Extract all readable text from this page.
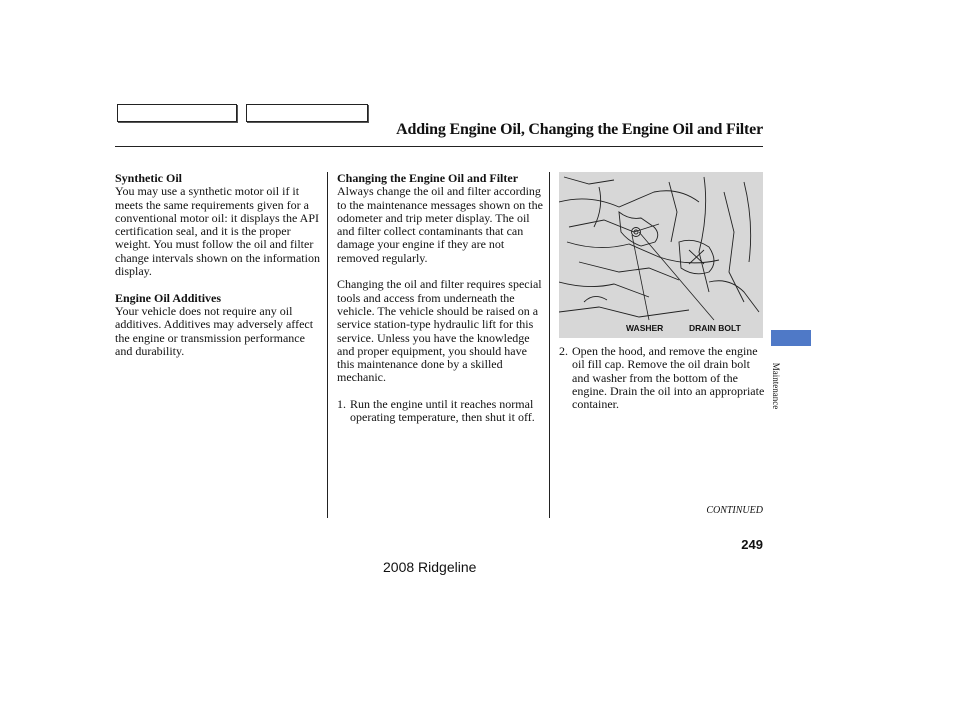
Adding Engine Oil, Changing the Engine Oil and Filter
Synthetic Oil

You may use a synthetic motor oil if it meets the same requirements given for a conventional motor oil: it displays the API certification seal, and it is the proper weight. You must follow the oil and filter change intervals shown on the information display.

Engine Oil Additives

Your vehicle does not require any oil additives. Additives may adversely affect the engine or transmission performance and durability.

Changing the Engine Oil and Filter

Always change the oil and filter according to the maintenance messages shown on the odometer and trip meter display. The oil and filter collect contaminants that can damage your engine if they are not removed regularly.

Changing the oil and filter requires special tools and access from underneath the vehicle. The vehicle should be raised on a service station-type hydraulic lift for this service. Unless you have the knowledge and proper equipment, you should have this maintenance done by a skilled mechanic.

1. Run the engine until it reaches normal operating temperature, then shut it off.
WASHER	DRAIN BOLT
2. Open the hood, and remove the engine oil fill cap. Remove the oil drain bolt and washer from the bottom of the engine. Drain the oil into an appropriate container.
CONTINUED
249
2008 Ridgeline
Maintenance
